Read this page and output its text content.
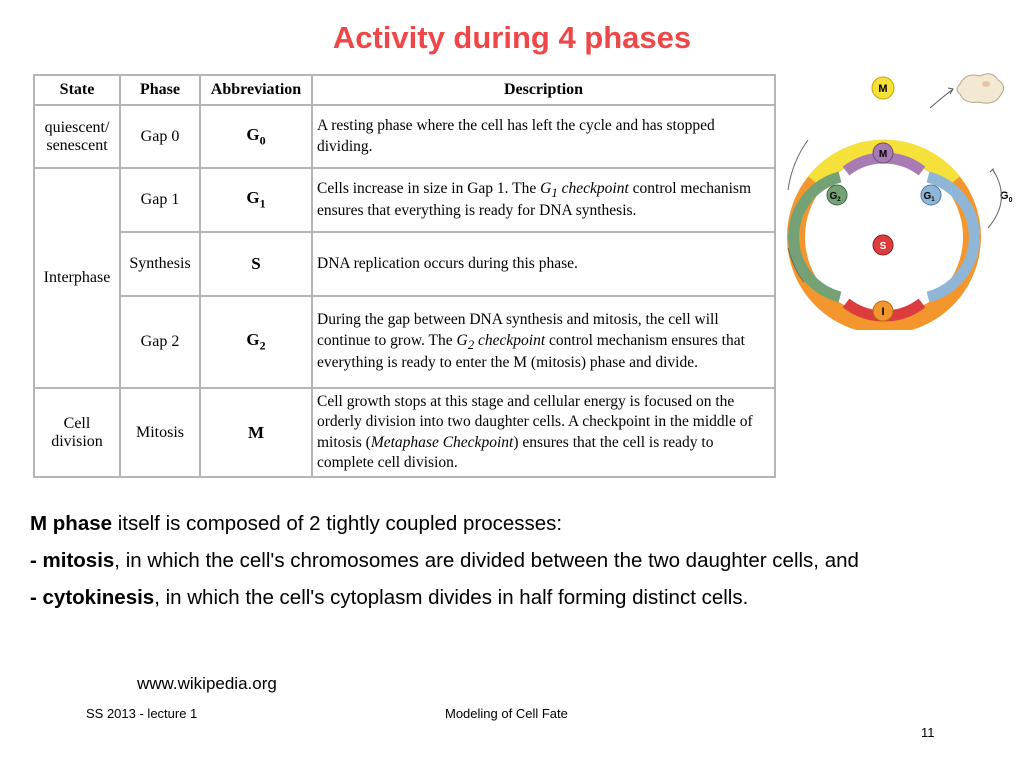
Activity during 4 phases
State	Phase	Abbreviation	Description
quiescent/ senescent	Gap 0	$G_0$	A resting phase where the cell has left the cycle and has stopped dividing.
Interphase	Gap 1	$G_1$	Cells increase in size in Gap 1. The $G_1$ checkpoint control mechanism ensures that everything is ready for DNA synthesis.
	Synthesis	S	DNA replication occurs during this phase.
	Gap 2	$G_2$	During the gap between DNA synthesis and mitosis, the cell will continue to grow. The $G_2$ checkpoint control mechanism ensures that everything is ready to enter the M (mitosis) phase and divide.
Cell division	Mitosis	M	Cell growth stops at this stage and cellular energy is focused on the orderly division into two daughter cells. A checkpoint in the middle of mitosis (Metaphase Checkpoint) ensures that the cell is ready to complete cell division.
M
I
M
S
$G_2$	$G_1$	$G_0$

M phase itself is composed of 2 tightly coupled processes:

- mitosis, in which the cell's chromosomes are divided between the two daughter cells, and

- cytokinesis, in which the cell's cytoplasm divides in half forming distinct cells.

www.wikipedia.org
SS 2013 - lecture 1	Modeling of Cell Fate
11
